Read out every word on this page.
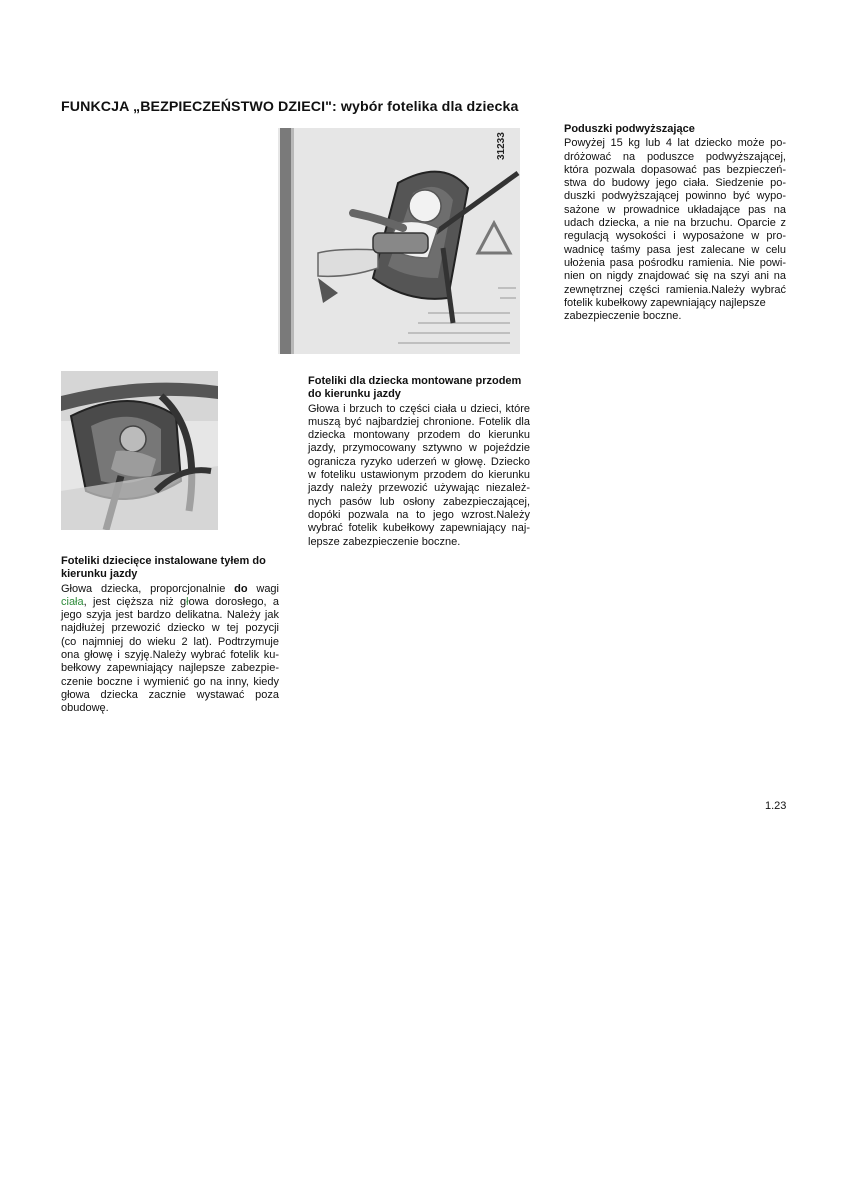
FUNKCJA „BEZPIECZEŃSTWO DZIECI": wybór fotelika dla dziecka
31233
Poduszki podwyższające

Powyżej 15 kg lub 4 lat dziecko może po-
dróżować na poduszce podwyższającej,
która pozwala dopasować pas bezpieczeń-
stwa do budowy jego ciała. Siedzenie po-
duszki podwyższającej powinno być wypo-
sażone w prowadnice układające pas na
udach dziecka, a nie na brzuchu. Oparcie z
regulacją wysokości i wyposażone w pro-
wadnicę taśmy pasa jest zalecane w celu
ułożenia pasa pośrodku ramienia. Nie powi-
nien on nigdy znajdować się na szyi ani na
zewnętrznej części ramienia.Należy wybrać
fotelik kubełkowy zapewniający najlepsze
zabezpieczenie boczne.

Foteliki dla dziecka montowane przodem
do kierunku jazdy

Głowa i brzuch to części ciała u dzieci, które
muszą być najbardziej chronione. Fotelik dla
dziecka montowany przodem do kierunku
jazdy, przymocowany sztywno w pojeździe
ogranicza ryzyko uderzeń w głowę. Dziecko
w foteliku ustawionym przodem do kierunku
jazdy należy przewozić używając niezależ-
nych pasów lub osłony zabezpieczającej,
dopóki pozwala na to jego wzrost.Należy
wybrać fotelik kubełkowy zapewniający naj-
lepsze zabezpieczenie boczne.

Foteliki dziecięce instalowane tyłem do
kierunku jazdy

Głowa dziecka, proporcjonalnie do wagi
ciała, jest cięższa niż głowa dorosłego, a
jego szyja jest bardzo delikatna. Należy jak
najdłużej przewozić dziecko w tej pozycji
(co najmniej do wieku 2 lat). Podtrzymuje
ona głowę i szyję.Należy wybrać fotelik ku-
bełkowy zapewniający najlepsze zabezpie-
czenie boczne i wymienić go na inny, kiedy
głowa dziecka zacznie wystawać poza
obudowę.

1.23
